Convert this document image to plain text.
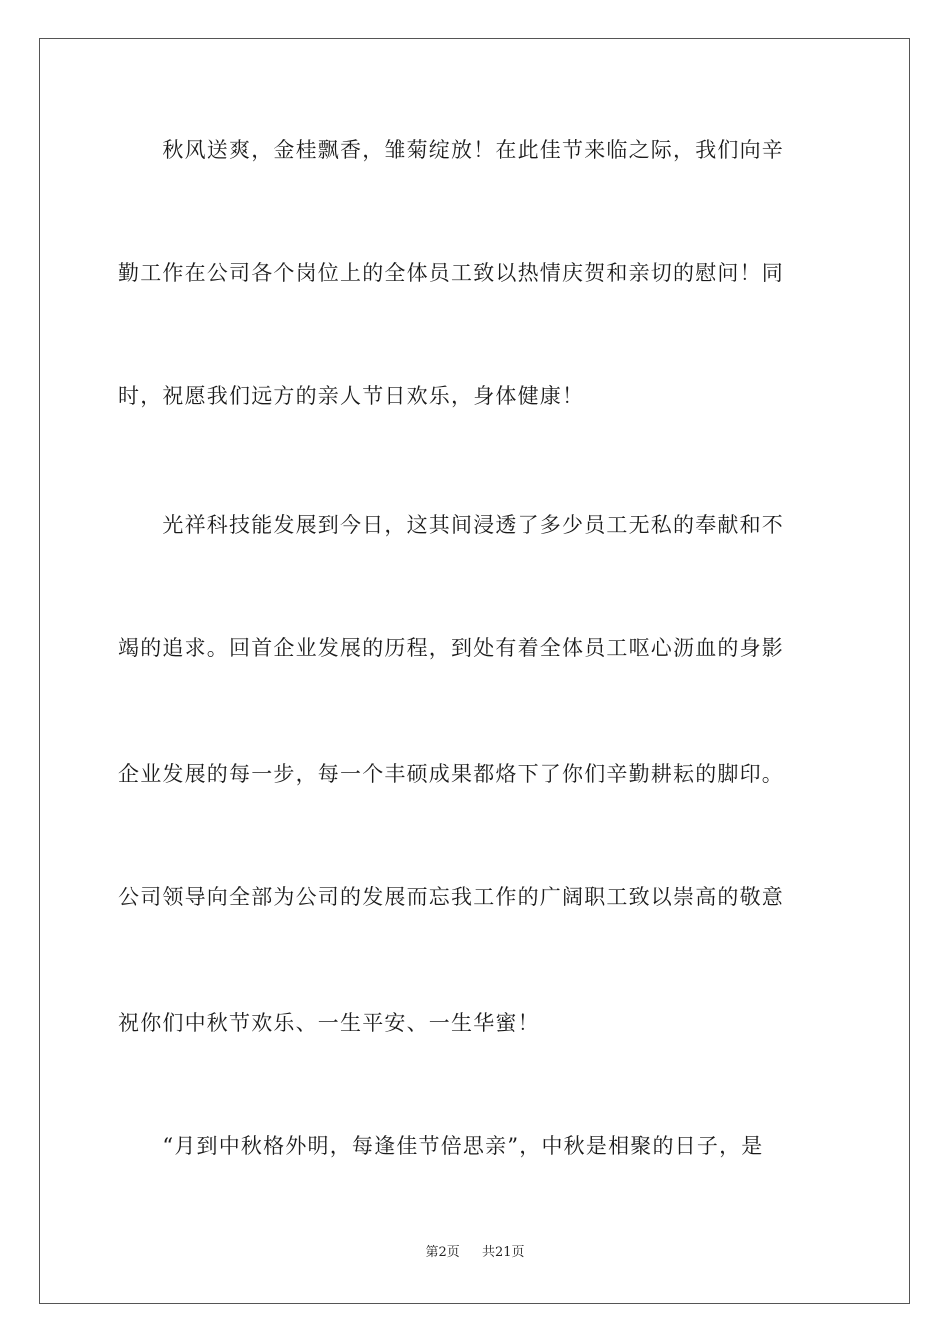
　　秋风送爽，金桂飘香，雏菊绽放！在此佳节来临之际，我们向辛
勤工作在公司各个岗位上的全体员工致以热情庆贺和亲切的慰问！同
时，祝愿我们远方的亲人节日欢乐，身体健康！
　　光祥科技能发展到今日，这其间浸透了多少员工无私的奉献和不
竭的追求。回首企业发展的历程，到处有着全体员工呕心沥血的身影
企业发展的每一步，每一个丰硕成果都烙下了你们辛勤耕耘的脚印。
公司领导向全部为公司的发展而忘我工作的广阔职工致以崇高的敬意
祝你们中秋节欢乐、一生平安、一生华蜜！
　　“月到中秋格外明，每逢佳节倍思亲”，中秋是相聚的日子，是
第2页 共21页
